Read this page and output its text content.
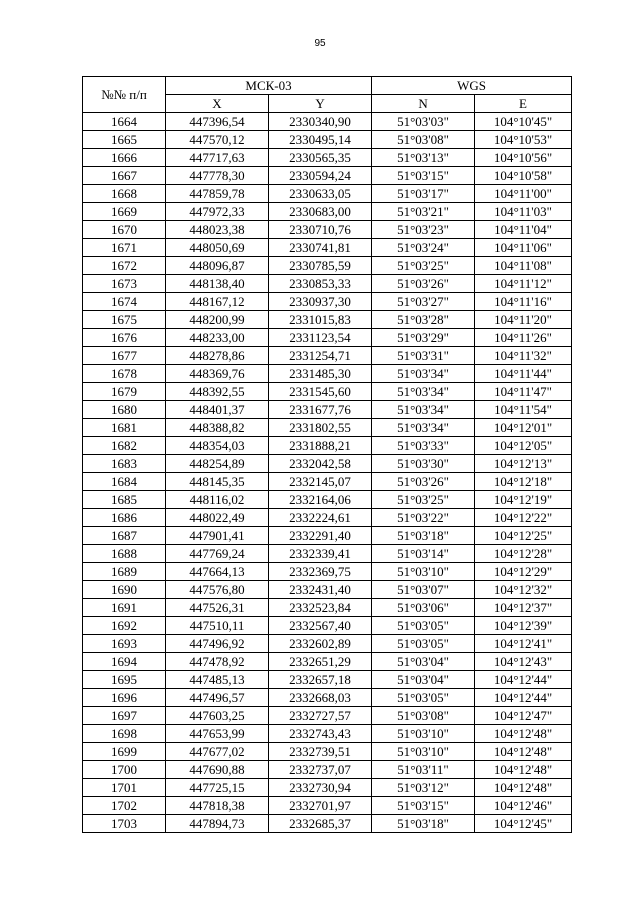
95
№№ п/п	МСК-03		WGS	
	X	Y	N	E
1664	447396,54	2330340,90	51°03'03"	104°10'45"
1665	447570,12	2330495,14	51°03'08"	104°10'53"
1666	447717,63	2330565,35	51°03'13"	104°10'56"
1667	447778,30	2330594,24	51°03'15"	104°10'58"
1668	447859,78	2330633,05	51°03'17"	104°11'00"
1669	447972,33	2330683,00	51°03'21"	104°11'03"
1670	448023,38	2330710,76	51°03'23"	104°11'04"
1671	448050,69	2330741,81	51°03'24"	104°11'06"
1672	448096,87	2330785,59	51°03'25"	104°11'08"
1673	448138,40	2330853,33	51°03'26"	104°11'12"
1674	448167,12	2330937,30	51°03'27"	104°11'16"
1675	448200,99	2331015,83	51°03'28"	104°11'20"
1676	448233,00	2331123,54	51°03'29"	104°11'26"
1677	448278,86	2331254,71	51°03'31"	104°11'32"
1678	448369,76	2331485,30	51°03'34"	104°11'44"
1679	448392,55	2331545,60	51°03'34"	104°11'47"
1680	448401,37	2331677,76	51°03'34"	104°11'54"
1681	448388,82	2331802,55	51°03'34"	104°12'01"
1682	448354,03	2331888,21	51°03'33"	104°12'05"
1683	448254,89	2332042,58	51°03'30"	104°12'13"
1684	448145,35	2332145,07	51°03'26"	104°12'18"
1685	448116,02	2332164,06	51°03'25"	104°12'19"
1686	448022,49	2332224,61	51°03'22"	104°12'22"
1687	447901,41	2332291,40	51°03'18"	104°12'25"
1688	447769,24	2332339,41	51°03'14"	104°12'28"
1689	447664,13	2332369,75	51°03'10"	104°12'29"
1690	447576,80	2332431,40	51°03'07"	104°12'32"
1691	447526,31	2332523,84	51°03'06"	104°12'37"
1692	447510,11	2332567,40	51°03'05"	104°12'39"
1693	447496,92	2332602,89	51°03'05"	104°12'41"
1694	447478,92	2332651,29	51°03'04"	104°12'43"
1695	447485,13	2332657,18	51°03'04"	104°12'44"
1696	447496,57	2332668,03	51°03'05"	104°12'44"
1697	447603,25	2332727,57	51°03'08"	104°12'47"
1698	447653,99	2332743,43	51°03'10"	104°12'48"
1699	447677,02	2332739,51	51°03'10"	104°12'48"
1700	447690,88	2332737,07	51°03'11"	104°12'48"
1701	447725,15	2332730,94	51°03'12"	104°12'48"
1702	447818,38	2332701,97	51°03'15"	104°12'46"
1703	447894,73	2332685,37	51°03'18"	104°12'45"
